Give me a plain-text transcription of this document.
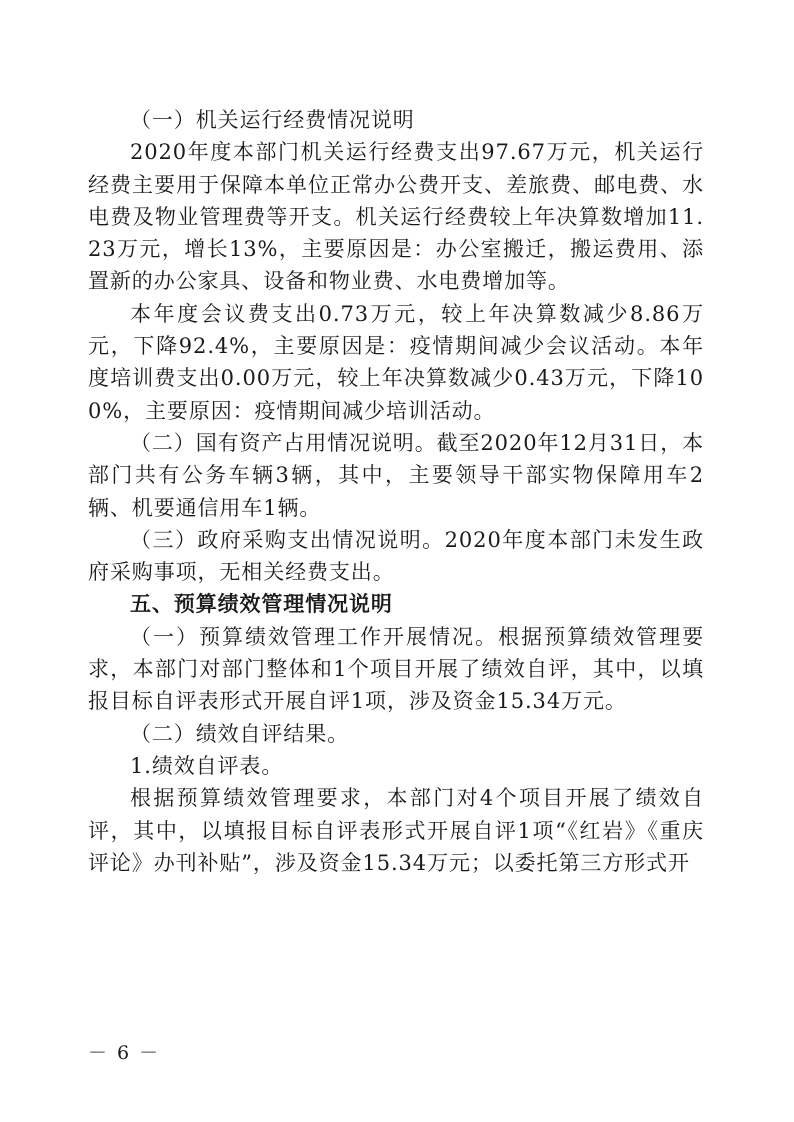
（一）机关运行经费情况说明

2020年度本部门机关运行经费支出97.67万元，机关运行经费主要用于保障本单位正常办公费开支、差旅费、邮电费、水电费及物业管理费等开支。机关运行经费较上年决算数增加11.23万元，增长13%，主要原因是：办公室搬迁，搬运费用、添置新的办公家具、设备和物业费、水电费增加等。

本年度会议费支出0.73万元，较上年决算数减少8.86万元，下降92.4%，主要原因是：疫情期间减少会议活动。本年度培训费支出0.00万元，较上年决算数减少0.43万元，下降100%，主要原因：疫情期间减少培训活动。

（二）国有资产占用情况说明。截至2020年12月31日，本部门共有公务车辆3辆，其中，主要领导干部实物保障用车2辆、机要通信用车1辆。

（三）政府采购支出情况说明。2020年度本部门未发生政府采购事项，无相关经费支出。

五、预算绩效管理情况说明

（一）预算绩效管理工作开展情况。根据预算绩效管理要求，本部门对部门整体和1个项目开展了绩效自评，其中，以填报目标自评表形式开展自评1项，涉及资金15.34万元。

（二）绩效自评结果。

1.绩效自评表。

根据预算绩效管理要求，本部门对4个项目开展了绩效自评，其中，以填报目标自评表形式开展自评1项“《红岩》《重庆评论》办刊补贴”，涉及资金15.34万元；以委托第三方形式开

－ 6 －
